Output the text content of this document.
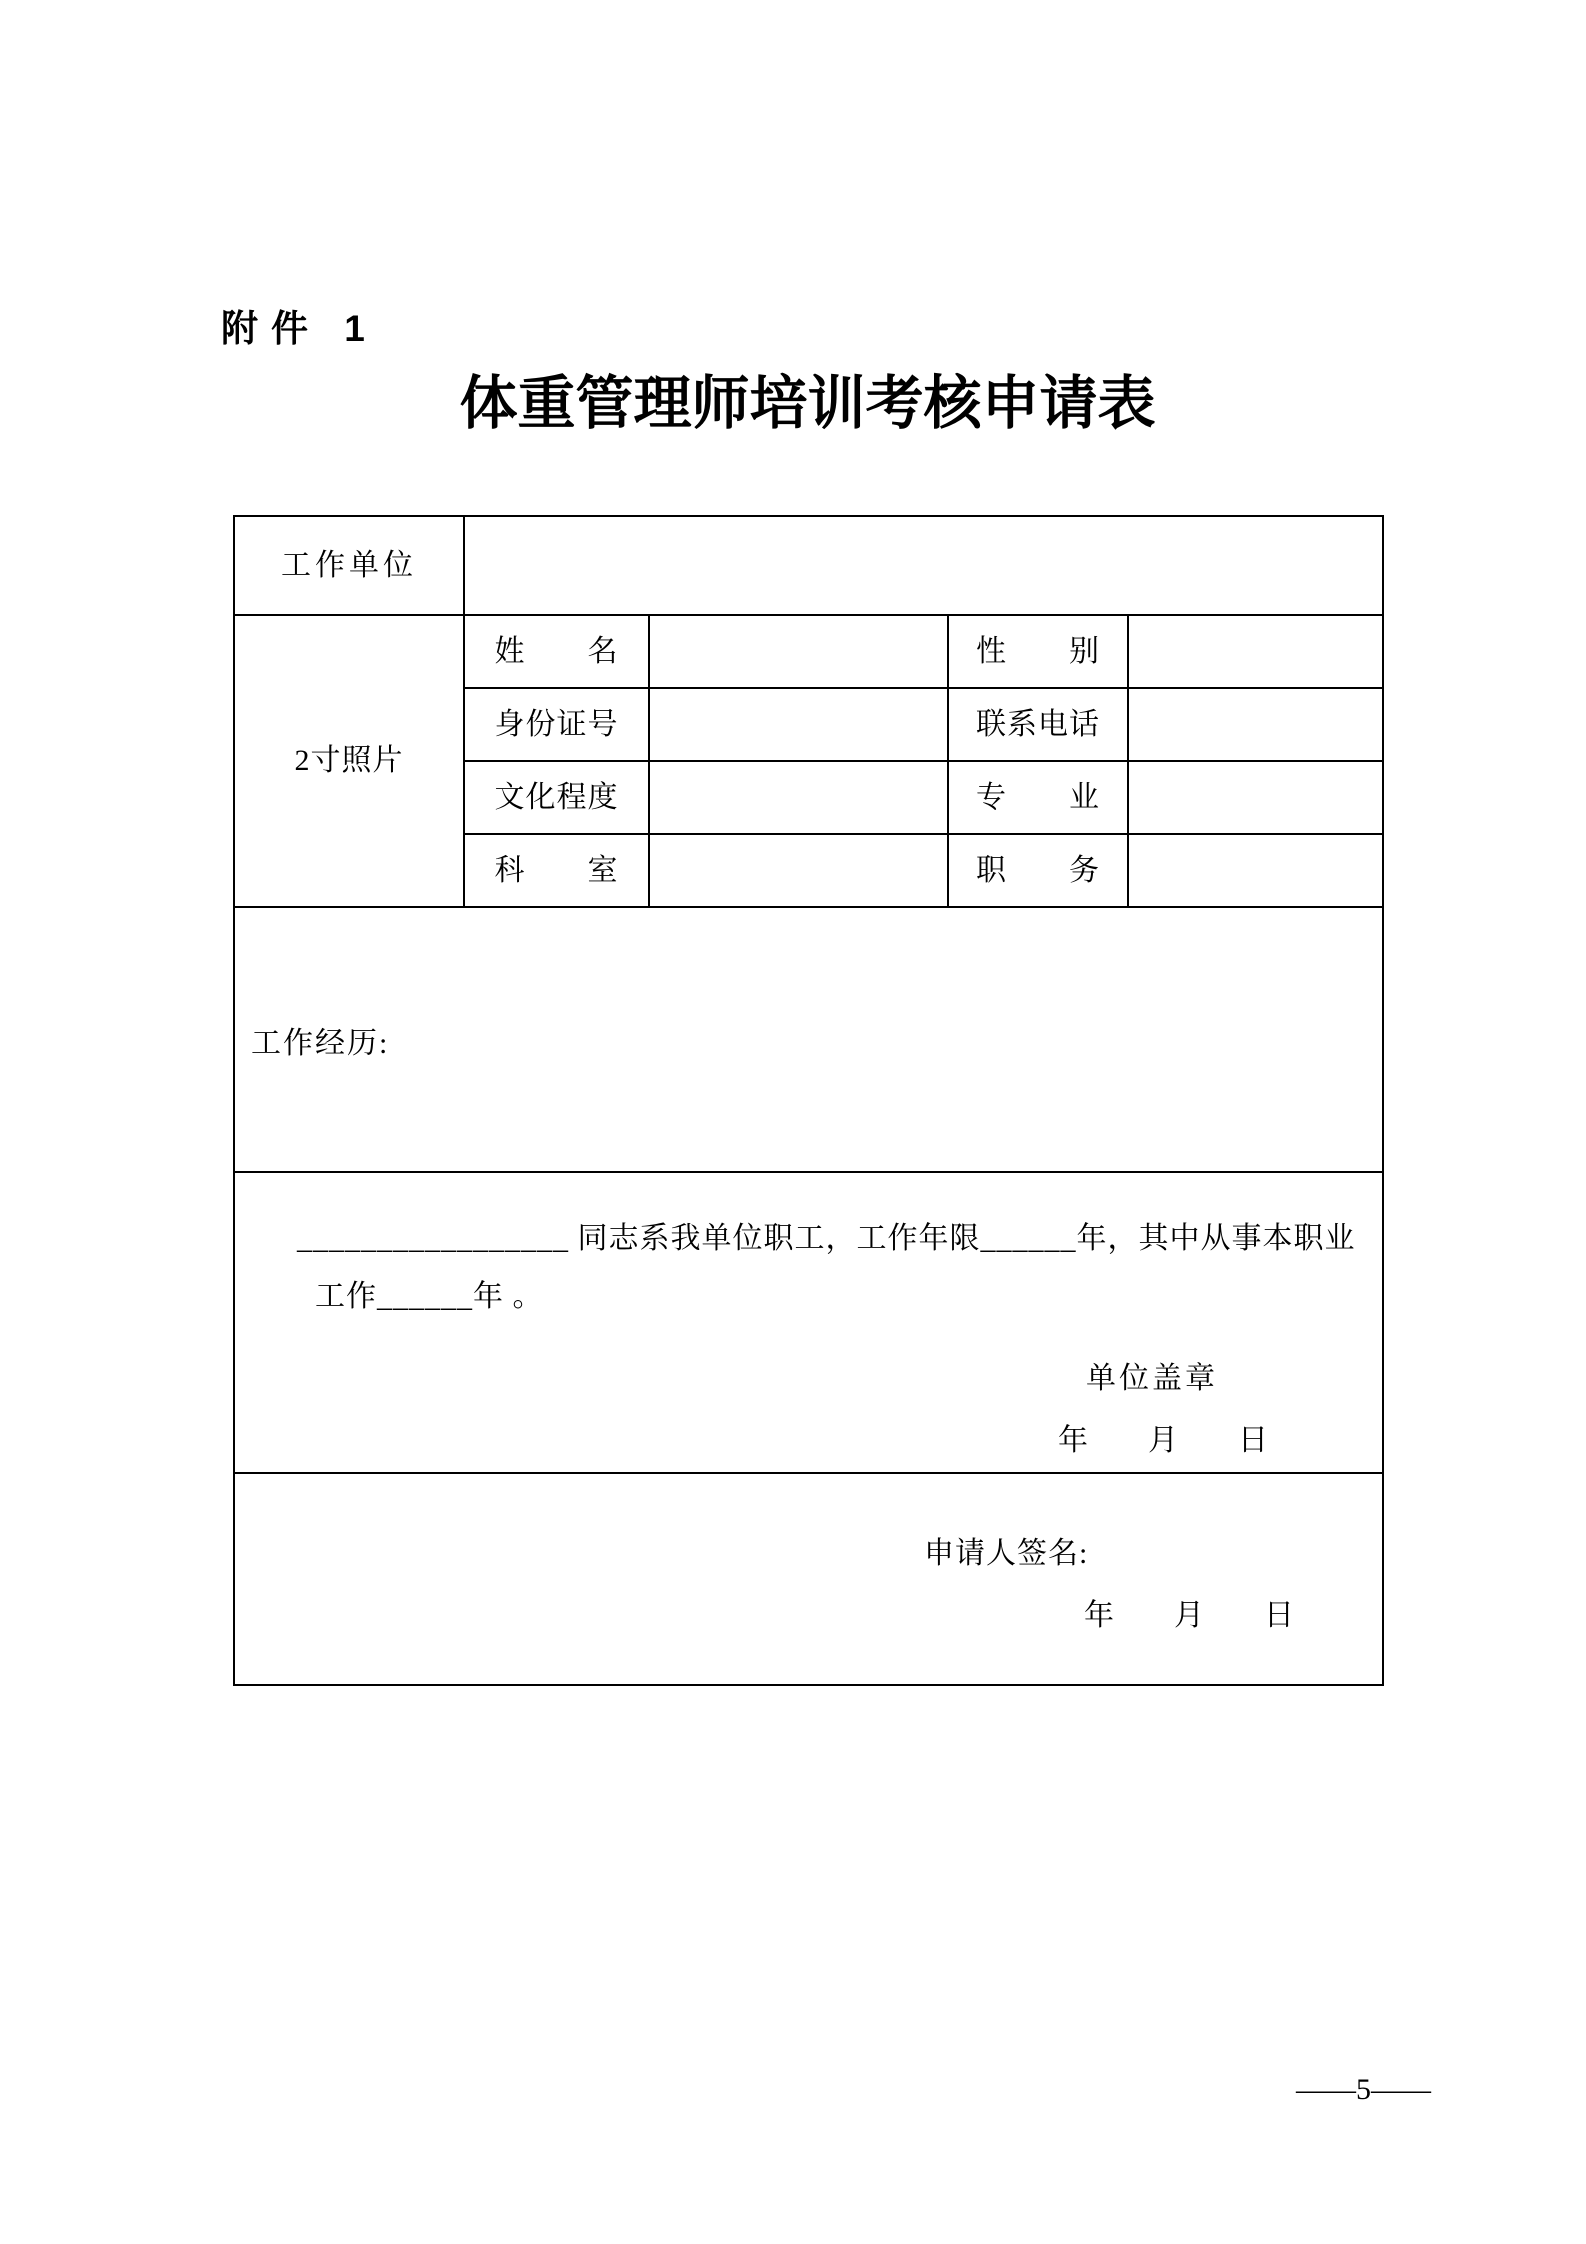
附件 1
体重管理师培训考核申请表
工作单位				
2寸照片	姓　　名		性　　别	
	身份证号		联系电话	
	文化程度		专　　业	
	科　　室		职　　务	
工作经历:				

_________________ 同志系我单位职工，工作年限______年，其中从事本职业
工作______年 。
单位盖章
年　　月　　日				

申请人签名:
年　　月　　日				
——5——
